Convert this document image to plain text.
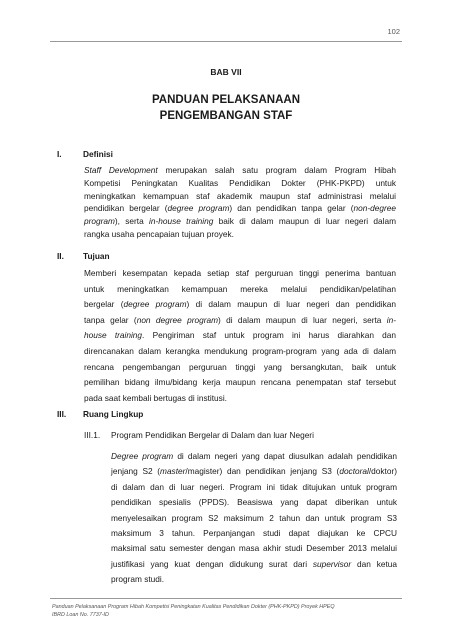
102
BAB VII
PANDUAN PELAKSANAAN
PENGEMBANGAN STAF
I.	Definisi
Staff Development merupakan salah satu program dalam Program Hibah
Kompetisi Peningkatan Kualitas Pendidikan Dokter (PHK-PKPD) untuk
meningkatkan kemampuan staf akademik maupun staf administrasi melalui
pendidikan bergelar (degree program) dan pendidikan tanpa gelar (non-degree
program), serta in-house training baik di dalam maupun di luar negeri dalam
rangka usaha pencapaian tujuan proyek.
II. Tujuan
Memberi kesempatan kepada setiap staf perguruan tinggi penerima bantuan
untuk meningkatkan kemampuan mereka melalui pendidikan/pelatihan
bergelar (degree program) di dalam maupun di luar negeri dan pendidikan
tanpa gelar (non degree program) di dalam maupun di luar negeri, serta in-
house training. Pengiriman staf untuk program ini harus diarahkan dan
direncanakan dalam kerangka mendukung program-program yang ada di dalam
rencana pengembangan perguruan tinggi yang bersangkutan, baik untuk
pemilihan bidang ilmu/bidang kerja maupun rencana penempatan staf tersebut
pada saat kembali bertugas di institusi.
III. Ruang Lingkup
III.1. Program Pendidikan Bergelar di Dalam dan luar Negeri
Degree program di dalam negeri yang dapat diusulkan adalah pendidikan
jenjang S2 (master/magister) dan pendidikan jenjang S3 (doctoral/doktor)
di dalam dan di luar negeri. Program ini tidak ditujukan untuk program
pendidikan spesialis (PPDS). Beasiswa yang dapat diberikan untuk
menyelesaikan program S2 maksimum 2 tahun dan untuk program S3
maksimum 3 tahun. Perpanjangan studi dapat diajukan ke CPCU
maksimal satu semester dengan masa akhir studi Desember 2013 melalui
justifikasi yang kuat dengan didukung surat dari supervisor dan ketua
program studi.
Panduan Pelaksanaan Program Hibah Kompetisi Peningkatan Kualitas Pendidikan Dokter (PHK-PKPD) Proyek HPEQ
IBRD Loan No. 7737-ID
